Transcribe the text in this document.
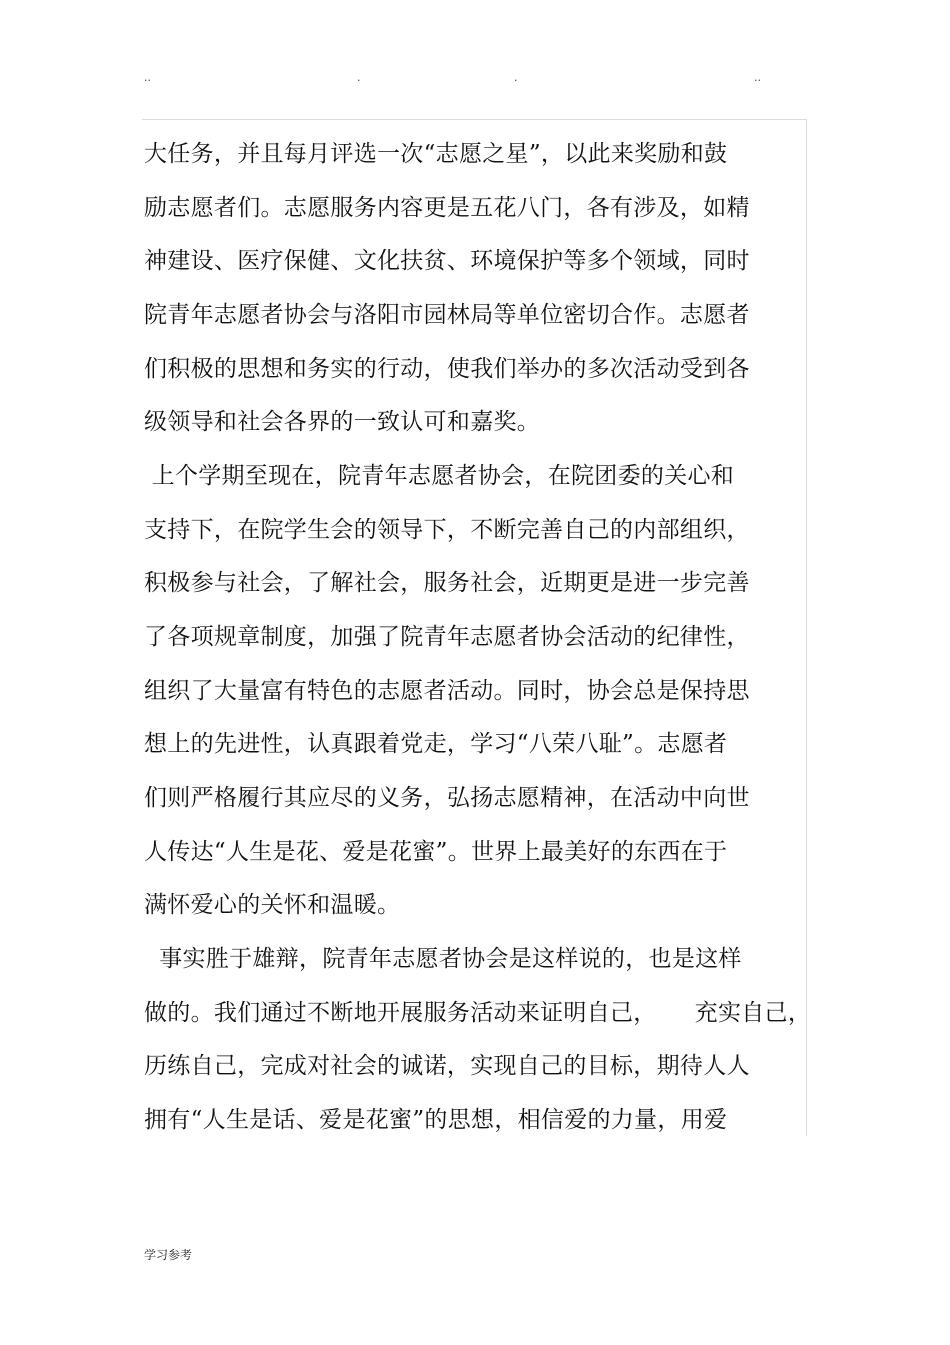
..	.	.	..
大任务，并且每月评选一次“志愿之星”，以此来奖励和鼓
励志愿者们。志愿服务内容更是五花八门，各有涉及，如精
神建设、医疗保健、文化扶贫、环境保护等多个领域，同时
院青年志愿者协会与洛阳市园林局等单位密切合作。志愿者
们积极的思想和务实的行动，使我们举办的多次活动受到各
级领导和社会各界的一致认可和嘉奖。
上个学期至现在，院青年志愿者协会，在院团委的关心和
支持下，在院学生会的领导下，不断完善自己的内部组织，
积极参与社会，了解社会，服务社会，近期更是进一步完善
了各项规章制度，加强了院青年志愿者协会活动的纪律性，
组织了大量富有特色的志愿者活动。同时，协会总是保持思
想上的先进性，认真跟着党走，学习“八荣八耻”。志愿者
们则严格履行其应尽的义务，弘扬志愿精神，在活动中向世
人传达“人生是花、爱是花蜜”。世界上最美好的东西在于
满怀爱心的关怀和温暖。
事实胜于雄辩，院青年志愿者协会是这样说的，也是这样
做的。我们通过不断地开展服务活动来证明自己，     充实自己，
历练自己，完成对社会的诚诺，实现自己的目标，期待人人
拥有“人生是话、爱是花蜜”的思想，相信爱的力量，用爱
学习参考
